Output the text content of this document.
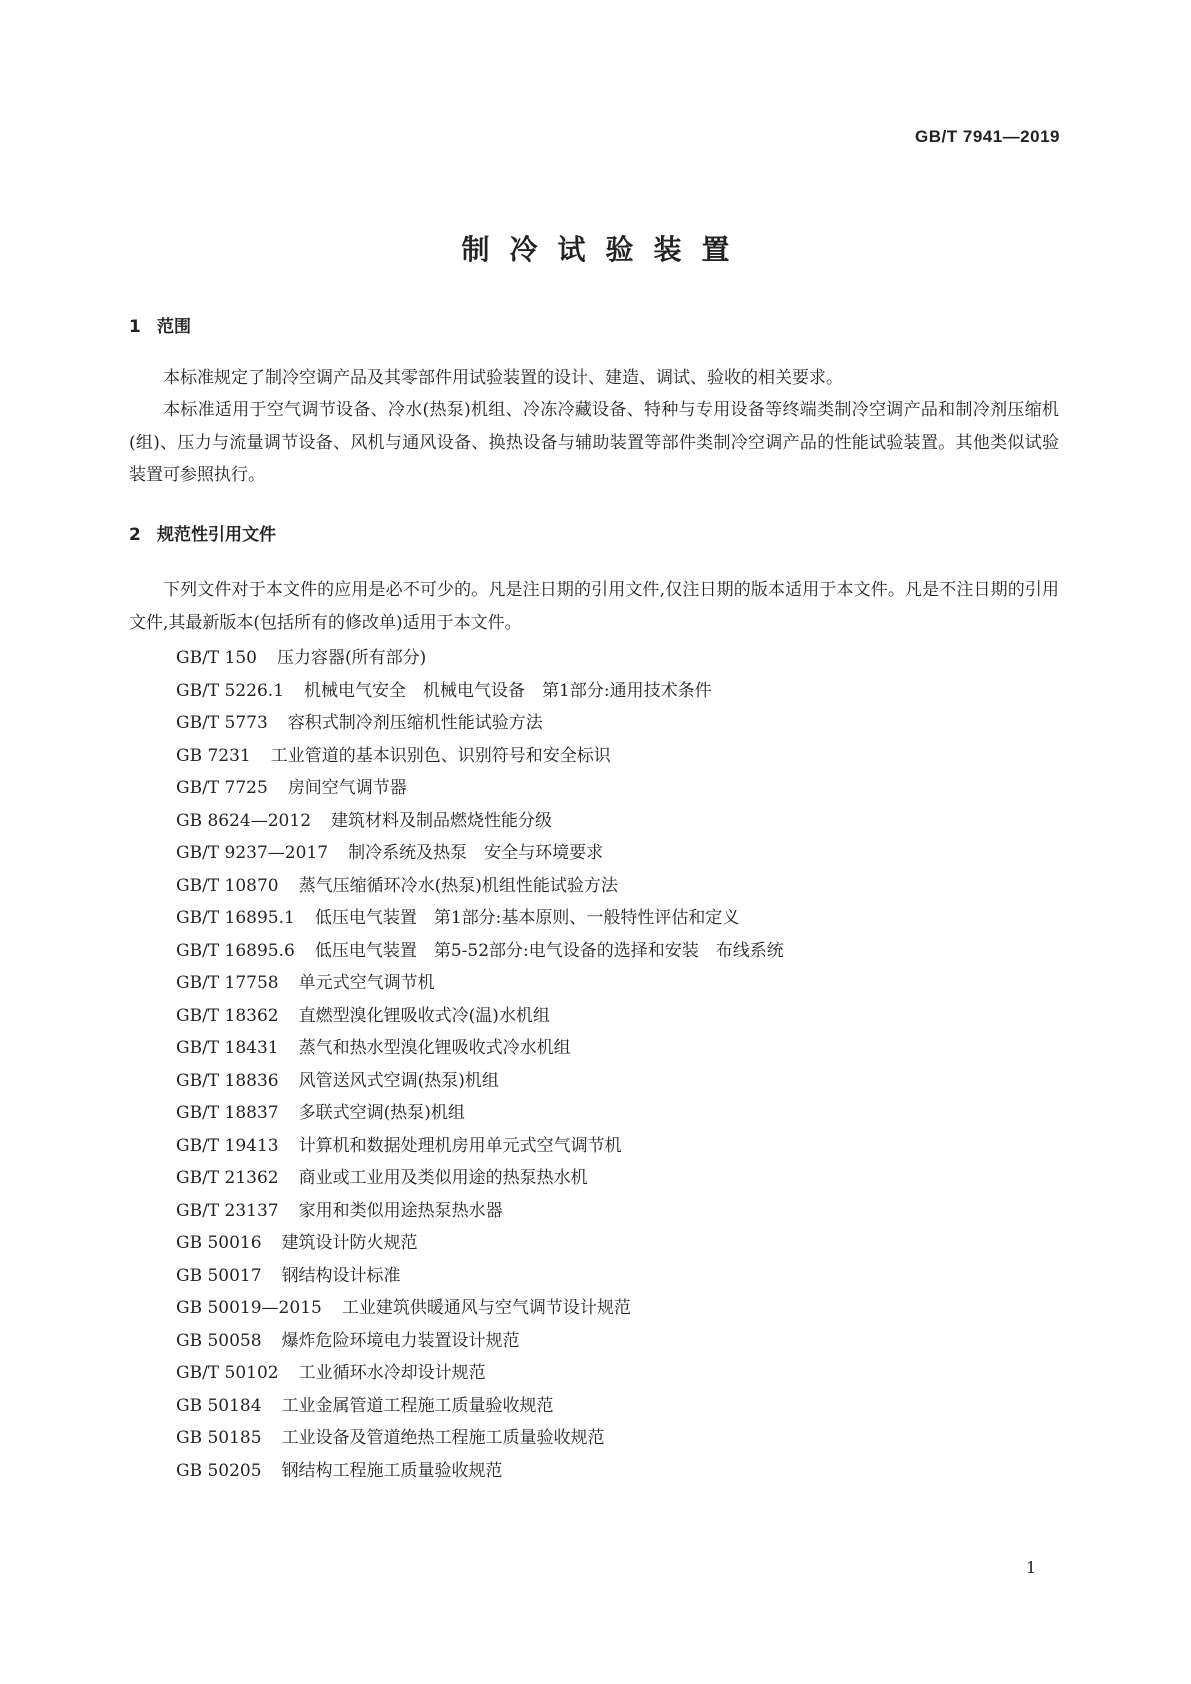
GB/T 7941—2019
制冷试验装置
1 范围
本标准规定了制冷空调产品及其零部件用试验装置的设计、建造、调试、验收的相关要求。
本标准适用于空气调节设备、冷水(热泵)机组、冷冻冷藏设备、特种与专用设备等终端类制冷空调产品和制冷剂压缩机(组)、压力与流量调节设备、风机与通风设备、换热设备与辅助装置等部件类制冷空调产品的性能试验装置。其他类似试验装置可参照执行。
2 规范性引用文件
下列文件对于本文件的应用是必不可少的。凡是注日期的引用文件,仅注日期的版本适用于本文件。凡是不注日期的引用文件,其最新版本(包括所有的修改单)适用于本文件。
GB/T 150 压力容器(所有部分)
GB/T 5226.1 机械电气安全　机械电气设备　第1部分:通用技术条件
GB/T 5773 容积式制冷剂压缩机性能试验方法
GB 7231 工业管道的基本识别色、识别符号和安全标识
GB/T 7725 房间空气调节器
GB 8624—2012 建筑材料及制品燃烧性能分级
GB/T 9237—2017 制冷系统及热泵　安全与环境要求
GB/T 10870 蒸气压缩循环冷水(热泵)机组性能试验方法
GB/T 16895.1 低压电气装置　第1部分:基本原则、一般特性评估和定义
GB/T 16895.6 低压电气装置　第5-52部分:电气设备的选择和安装　布线系统
GB/T 17758 单元式空气调节机
GB/T 18362 直燃型溴化锂吸收式冷(温)水机组
GB/T 18431 蒸气和热水型溴化锂吸收式冷水机组
GB/T 18836 风管送风式空调(热泵)机组
GB/T 18837 多联式空调(热泵)机组
GB/T 19413 计算机和数据处理机房用单元式空气调节机
GB/T 21362 商业或工业用及类似用途的热泵热水机
GB/T 23137 家用和类似用途热泵热水器
GB 50016 建筑设计防火规范
GB 50017 钢结构设计标准
GB 50019—2015 工业建筑供暖通风与空气调节设计规范
GB 50058 爆炸危险环境电力装置设计规范
GB/T 50102 工业循环水冷却设计规范
GB 50184 工业金属管道工程施工质量验收规范
GB 50185 工业设备及管道绝热工程施工质量验收规范
GB 50205 钢结构工程施工质量验收规范
1
